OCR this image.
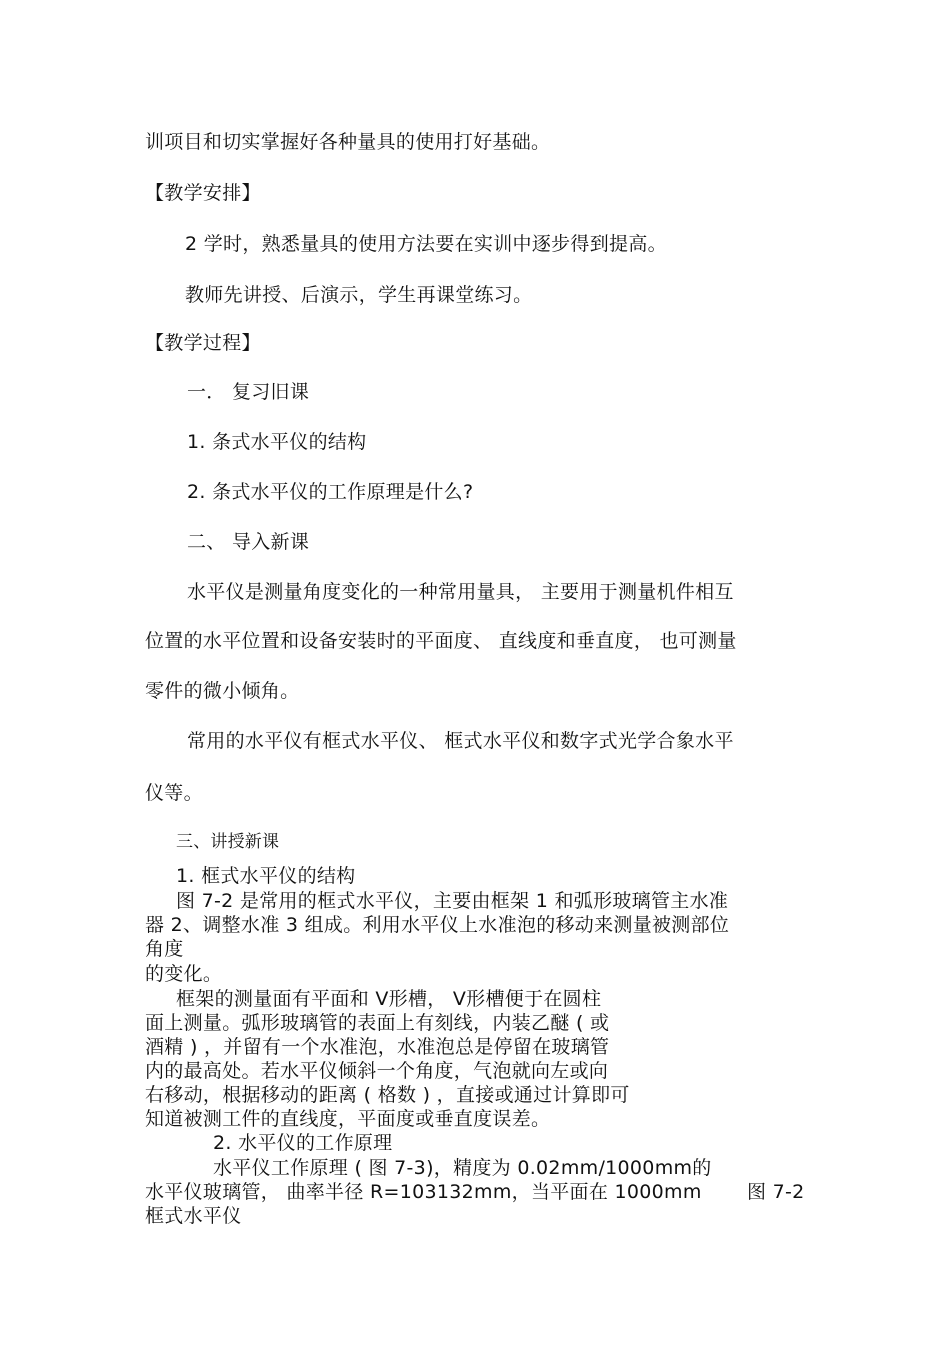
训项目和切实掌握好各种量具的使用打好基础。
【教学安排】
2 学时，熟悉量具的使用方法要在实训中逐步得到提高。
教师先讲授、后演示，学生再课堂练习。
【教学过程】
一． 复习旧课
1. 条式水平仪的结构
2. 条式水平仪的工作原理是什么?
二、 导入新课
水平仪是测量角度变化的一种常用量具， 主要用于测量机件相互
位置的水平位置和设备安装时的平面度、 直线度和垂直度， 也可测量
零件的微小倾角。
常用的水平仪有框式水平仪、 框式水平仪和数字式光学合象水平
仪等。
三、讲授新课
1. 框式水平仪的结构
图 7-2 是常用的框式水平仪，主要由框架 1 和弧形玻璃管主水准
器 2、调整水准 3 组成。利用水平仪上水准泡的移动来测量被测部位
角度
的变化。
框架的测量面有平面和 V形槽， V形槽便于在圆柱
面上测量。弧形玻璃管的表面上有刻线，内装乙醚 ( 或
酒精 ) ，并留有一个水准泡，水准泡总是停留在玻璃管
内的最高处。若水平仪倾斜一个角度，气泡就向左或向
右移动，根据移动的距离 ( 格数 ) ，直接或通过计算即可
知道被测工件的直线度，平面度或垂直度误差。
2. 水平仪的工作原理
水平仪工作原理 ( 图 7-3)，精度为 0.02mm/1000mm的
水平仪玻璃管， 曲率半径 R=103132mm，当平面在 1000mm 图 7-2
框式水平仪
